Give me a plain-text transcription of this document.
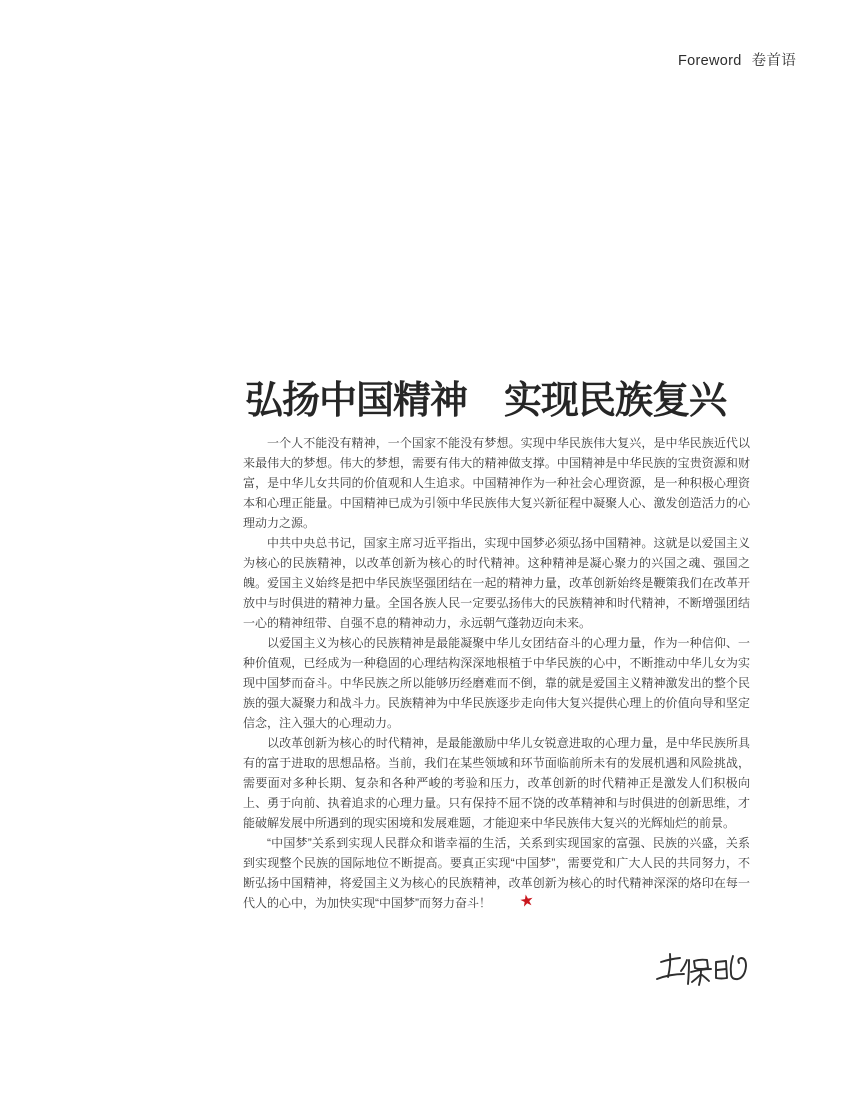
Foreword 卷首语
弘扬中国精神　实现民族复兴

一个人不能没有精神，一个国家不能没有梦想。实现中华民族伟大复兴，是中华民族近代以来最伟大的梦想。伟大的梦想，需要有伟大的精神做支撑。中国精神是中华民族的宝贵资源和财富，是中华儿女共同的价值观和人生追求。中国精神作为一种社会心理资源，是一种积极心理资本和心理正能量。中国精神已成为引领中华民族伟大复兴新征程中凝聚人心、激发创造活力的心理动力之源。

中共中央总书记，国家主席习近平指出，实现中国梦必须弘扬中国精神。这就是以爱国主义为核心的民族精神，以改革创新为核心的时代精神。这种精神是凝心聚力的兴国之魂、强国之魄。爱国主义始终是把中华民族坚强团结在一起的精神力量，改革创新始终是鞭策我们在改革开放中与时俱进的精神力量。全国各族人民一定要弘扬伟大的民族精神和时代精神，不断增强团结一心的精神纽带、自强不息的精神动力，永远朝气蓬勃迈向未来。

以爱国主义为核心的民族精神是最能凝聚中华儿女团结奋斗的心理力量，作为一种信仰、一种价值观，已经成为一种稳固的心理结构深深地根植于中华民族的心中，不断推动中华儿女为实现中国梦而奋斗。中华民族之所以能够历经磨难而不倒，靠的就是爱国主义精神激发出的整个民族的强大凝聚力和战斗力。民族精神为中华民族逐步走向伟大复兴提供心理上的价值向导和坚定信念，注入强大的心理动力。

以改革创新为核心的时代精神，是最能激励中华儿女锐意进取的心理力量，是中华民族所具有的富于进取的思想品格。当前，我们在某些领域和环节面临前所未有的发展机遇和风险挑战，需要面对多种长期、复杂和各种严峻的考验和压力，改革创新的时代精神正是激发人们积极向上、勇于向前、执着追求的心理力量。只有保持不屈不饶的改革精神和与时俱进的创新思维，才能破解发展中所遇到的现实困境和发展难题，才能迎来中华民族伟大复兴的光辉灿烂的前景。

“中国梦”关系到实现人民群众和谐幸福的生活，关系到实现国家的富强、民族的兴盛，关系到实现整个民族的国际地位不断提高。要真正实现“中国梦”，需要党和广大人民的共同努力，不断弘扬中国精神，将爱国主义为核心的民族精神，改革创新为核心的时代精神深深的烙印在每一代人的心中，为加快实现“中国梦”而努力奋斗！ ★
